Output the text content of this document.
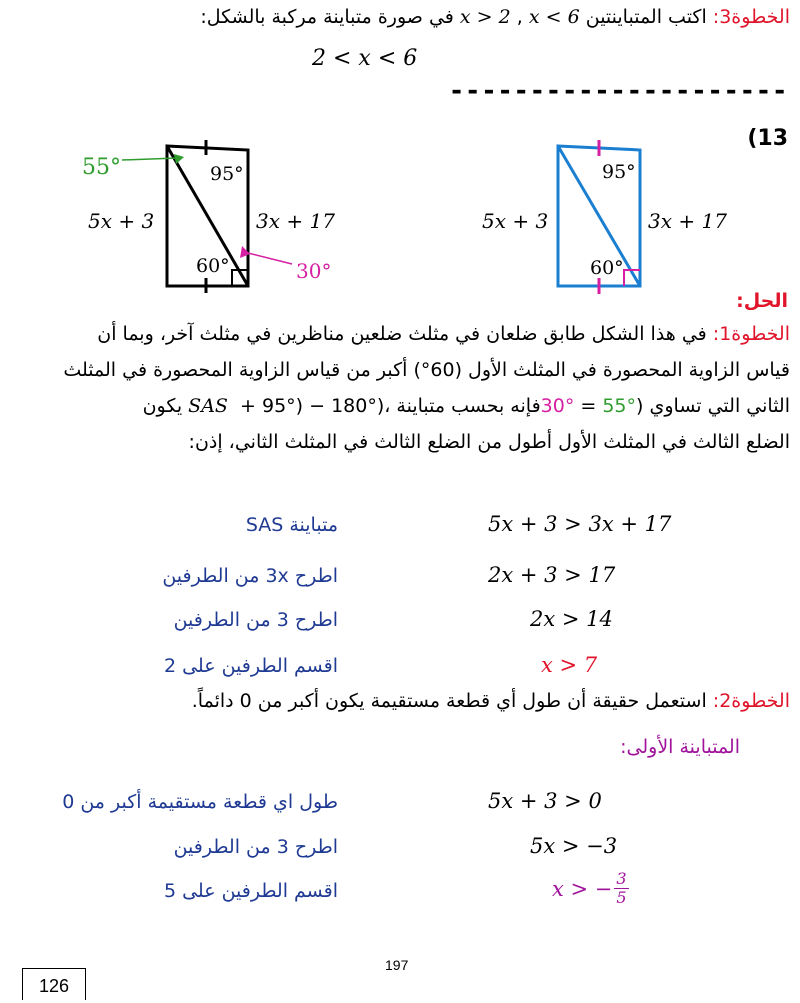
الخطوة3: اكتب المتباينتين x < 6 , x > 2 في صورة متباينة مركبة بالشكل:
2 < x < 6
---------------------
(13
55°	95°
60°	30°
5x + 3	3x + 17
95°
60°
5x + 3	3x + 17
الحل:
الخطوة1: في هذا الشكل طابق ضلعان في مثلث ضلعين مناظرين في مثلث آخر، وبما أن
قياس الزاوية المحصورة في المثلث الأول (60°) أكبر من قياس الزاوية المحصورة في المثلث
الثاني التي تساوي (55° = 30° + 95°) − 180°)، فإنه بحسب متباينة SAS يكون
الضلع الثالث في المثلث الأول أطول من الضلع الثالث في المثلث الثاني، إذن:
5x + 3 > 3x + 17
متباينة SAS
2x + 3 > 17
اطرح 3x من الطرفين
2x > 14
اطرح 3 من الطرفين
x > 7
اقسم الطرفين على 2
الخطوة2: استعمل حقيقة أن طول أي قطعة مستقيمة يكون أكبر من 0 دائماً.
المتباينة الأولى:
5x + 3 > 0
طول اي قطعة مستقيمة أكبر من 0
5x > −3
اطرح 3 من الطرفين
x > − $\frac{3}{5}$
اقسم الطرفين على 5
197
126
